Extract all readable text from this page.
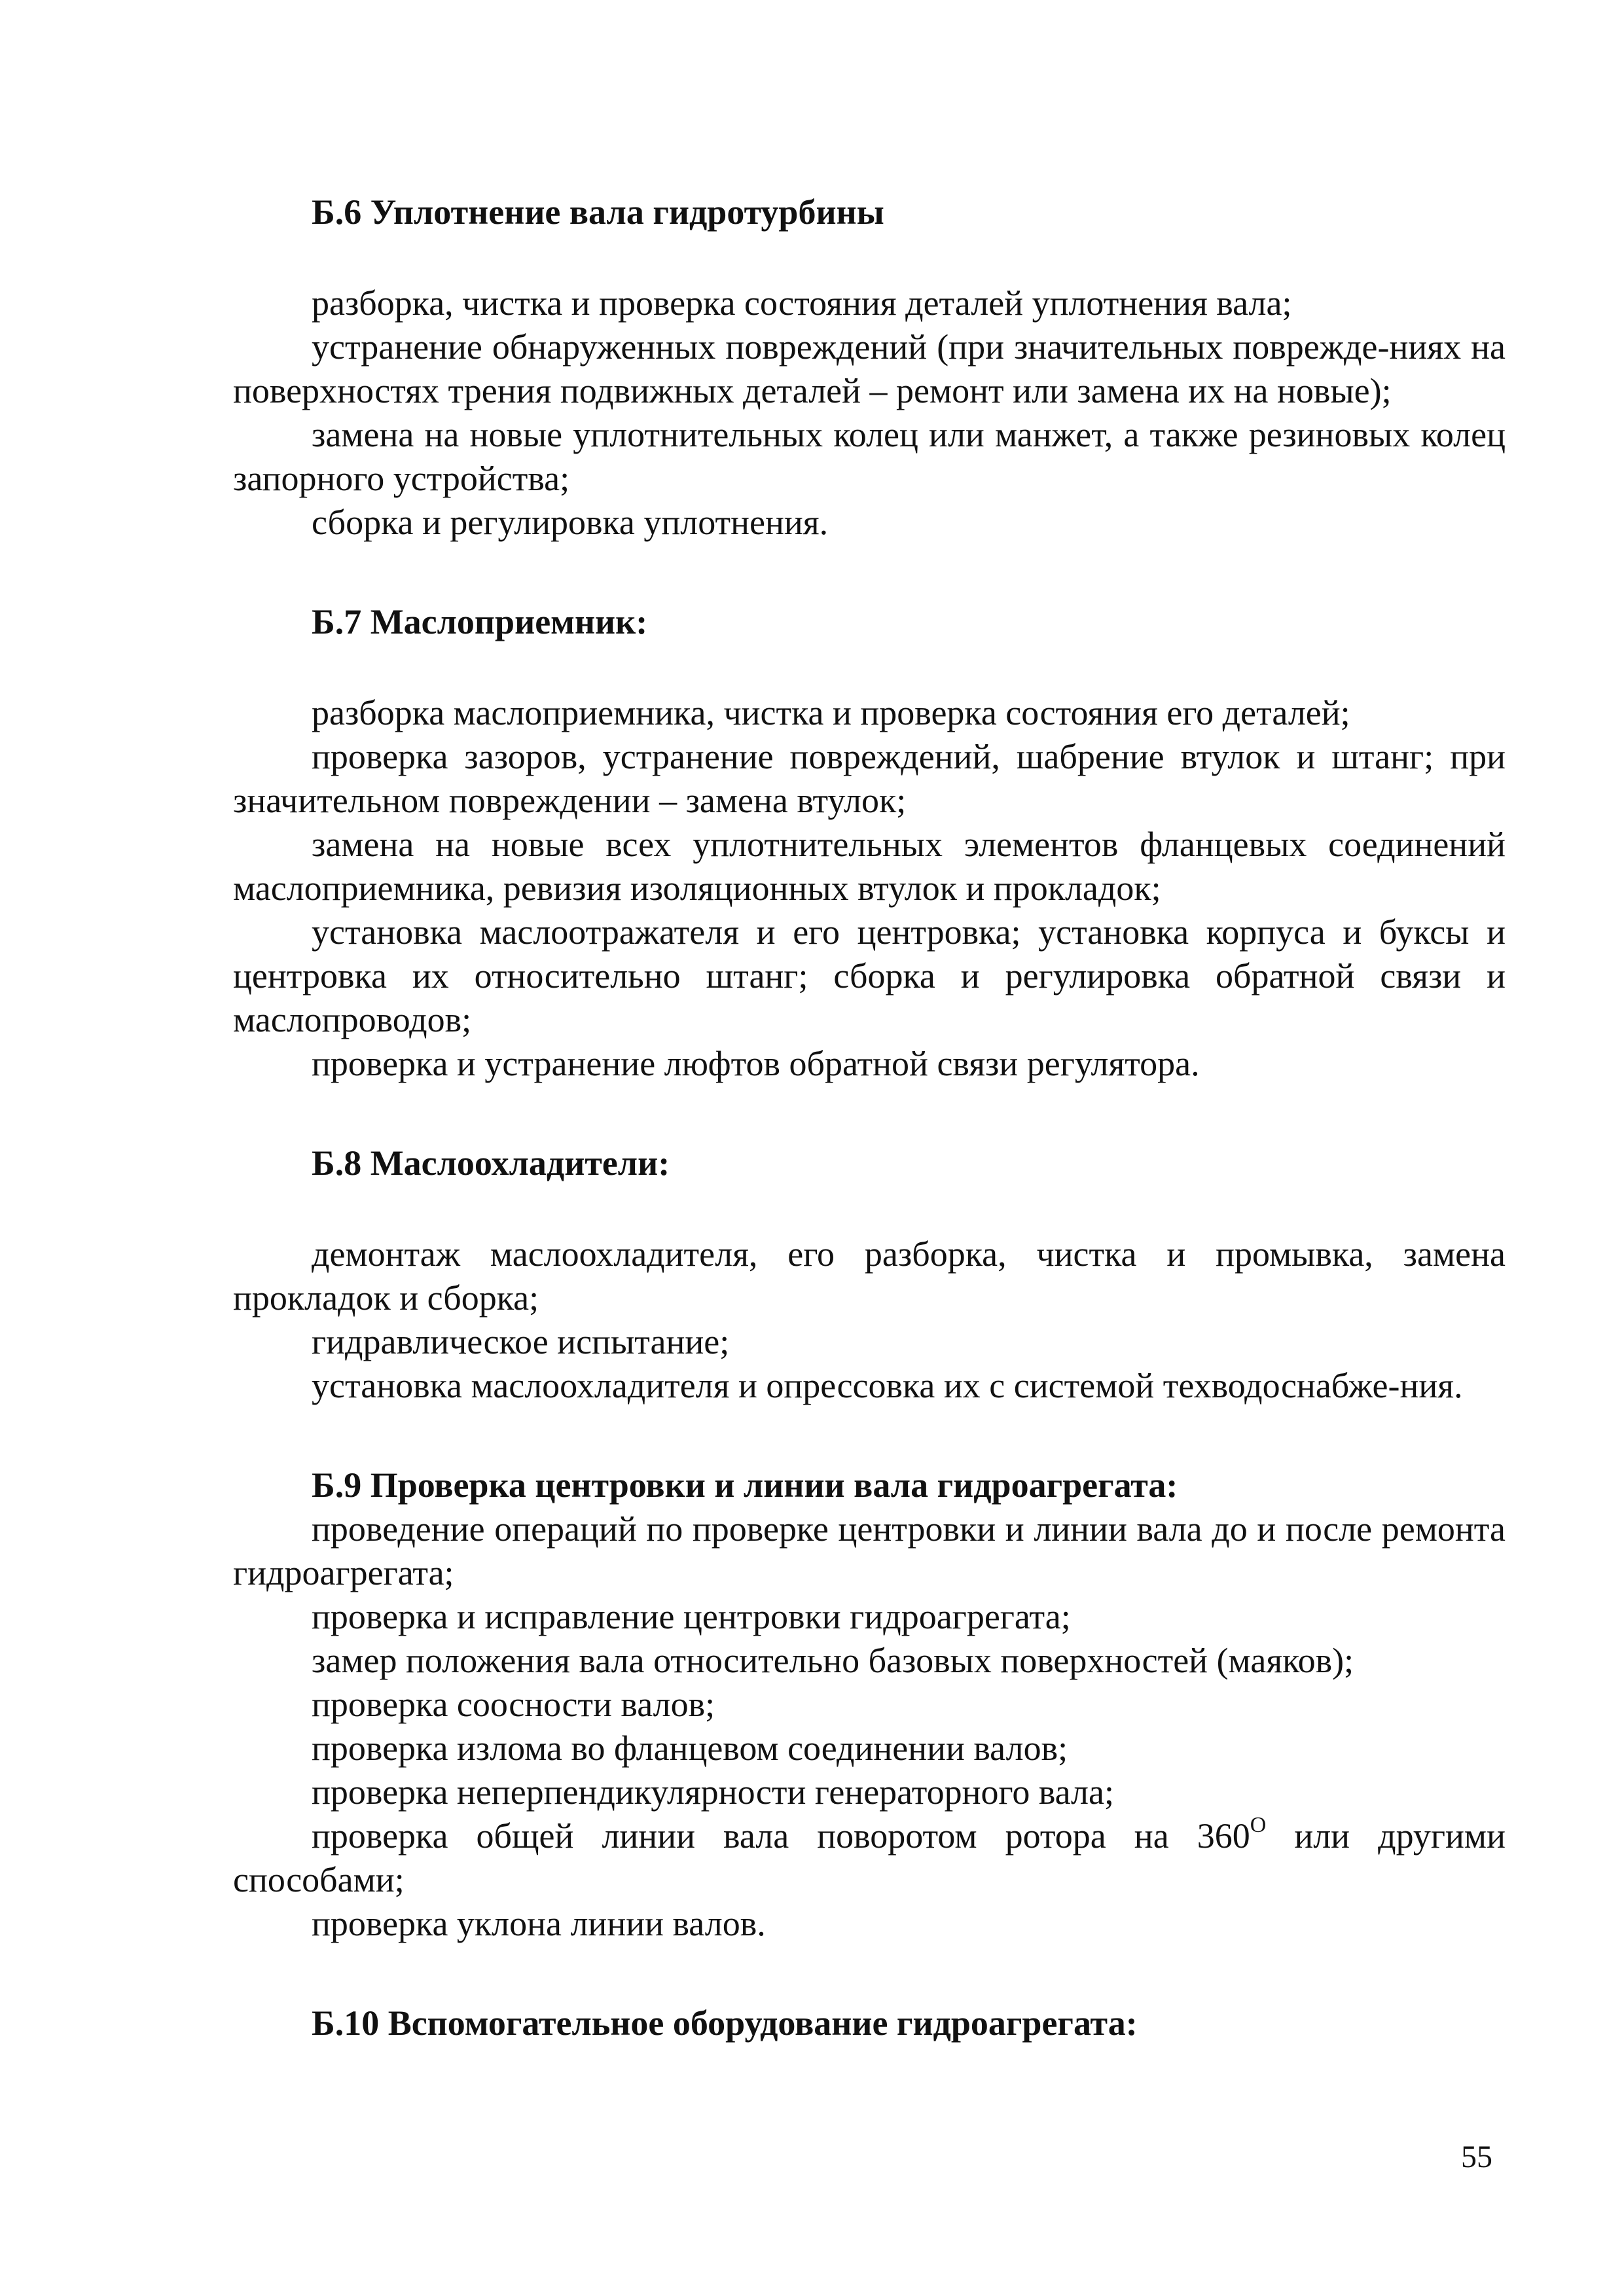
Б.6 Уплотнение вала гидротурбины

разборка, чистка и проверка состояния деталей уплотнения вала;

устранение обнаруженных повреждений (при значительных поврежде-ниях на поверхностях трения подвижных деталей – ремонт или замена их на новые);

замена на новые уплотнительных колец или манжет, а также резиновых колец запорного устройства;

сборка и регулировка уплотнения.

Б.7 Маслоприемник:

разборка маслоприемника, чистка и проверка состояния его деталей;

проверка зазоров, устранение повреждений, шабрение втулок и штанг; при значительном повреждении – замена втулок;

замена на новые всех уплотнительных элементов фланцевых соединений маслоприемника, ревизия изоляционных втулок и прокладок;

установка маслоотражателя и его центровка; установка корпуса и буксы и центровка их относительно штанг; сборка и регулировка обратной связи и маслопроводов;

проверка и устранение люфтов обратной связи регулятора.

Б.8 Маслоохладители:

демонтаж маслоохладителя, его разборка, чистка и промывка, замена прокладок и сборка;

гидравлическое испытание;

установка маслоохладителя и опрессовка их с системой техводоснабже-ния.

Б.9 Проверка центровки и линии вала гидроагрегата:

проведение операций по проверке центровки и линии вала до и после ремонта гидроагрегата;

проверка и исправление центровки гидроагрегата;

замер положения вала относительно базовых поверхностей (маяков);

проверка соосности валов;

проверка излома во фланцевом соединении валов;

проверка неперпендикулярности генераторного вала;

проверка общей линии вала поворотом ротора на $360^О$ или другими способами;

проверка уклона линии валов.

Б.10 Вспомогательное оборудование гидроагрегата:

55
